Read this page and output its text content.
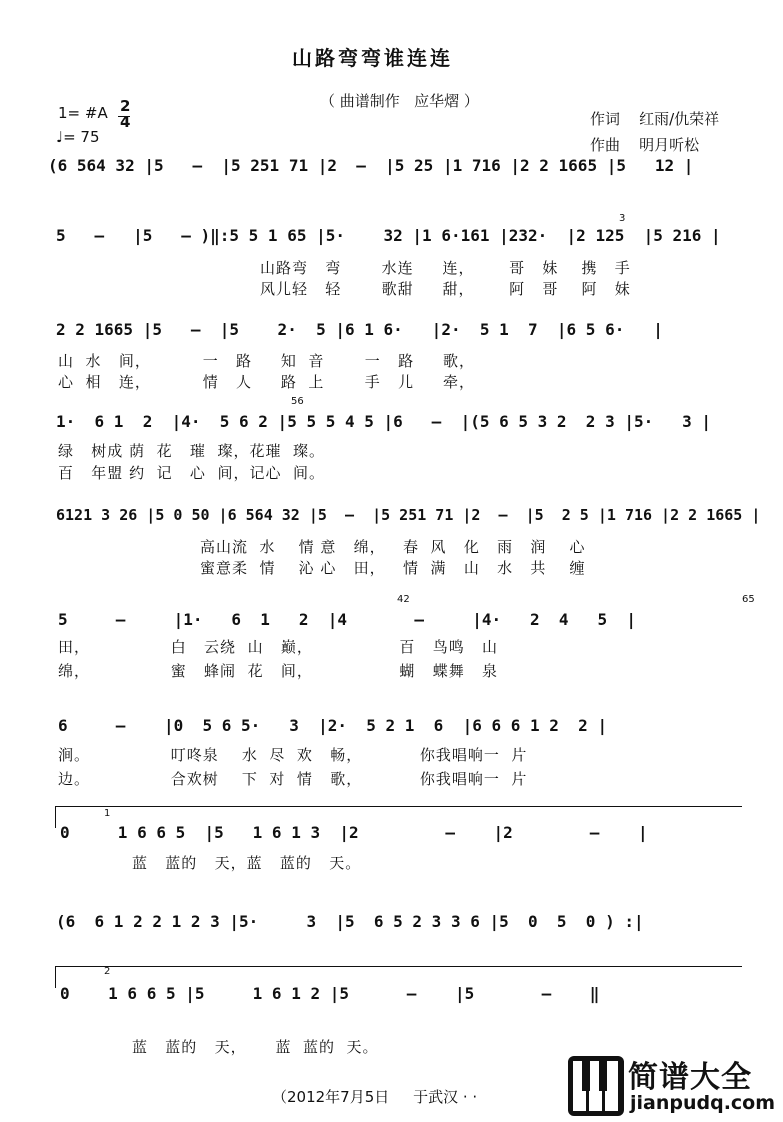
山路弯弯谁连连
（ 曲谱制作   应华熠 ）
1= #A 2
4
♩= 75
作词    红雨/仇荣祥
作曲    明月听松
(6 564 32 |5   –  |5 251 71 |2  –  |5 25 |1 716 |2 2 1665 |5   12 |
5   –   |5   – )‖:5 5 1 65 |5·    32 |1 6·161 |232·  |2 125  |5 216 |
山路弯   弯       水连     连，      哥   妹    携   手
风儿轻   轻       歌甜     甜，      阿   哥    阿   妹
3
2 2 1665 |5   –  |5    2·  5 |6 1 6·   |2·  5 1  7  |6 5 6·   |
山  水   间，         一   路     知  音       一   路     歌，
心  相   连，         情   人     路  上       手   儿     牵，
56
1·  6 1  2  |4·  5 6 2 |5 5 5 4 5 |6   –  |(5 6 5 3 2  2 3 |5·   3 |
绿   树成 荫  花   璀  璨，花璀  璨。
百   年盟 约  记   心  间，记心  间。
6121 3 26 |5 0 50 |6 564 32 |5  –  |5 251 71 |2  –  |5  2 5 |1 716 |2 2 1665 |
高山流  水    情 意   绵，   春  风   化   雨   润    心
蜜意柔  情    沁 心   田，   情  满   山   水   共    缠
42	65
5     –     |1·   6  1   2  |4       –     |4·   2  4   5  |
田，              白   云绕  山   巅，               百   鸟鸣   山
绵，              蜜   蜂闹  花   间，               蝴   蝶舞   泉
6     –    |0  5 6 5·   3  |2·  5 2 1  6  |6 6 6 1 2  2 |
涧。              叮咚泉    水  尽  欢   畅，          你我唱响一  片
边。              合欢树    下  对  情   歌，          你我唱响一  片
1
0     1 6 6 5  |5   1 6 1 3  |2         –    |2        –    |
蓝   蓝的   天，蓝   蓝的   天。
(6  6 1 2 2 1 2 3 |5·     3  |5  6 5 2 3 3 6 |5  0  5  0 ) :|
2
0    1 6 6 5 |5     1 6 1 2 |5      –    |5       –    ‖
蓝   蓝的   天，     蓝  蓝的  天。
（2012年7月5日     于武汉 · ·
简谱大全
jianpudq.com
